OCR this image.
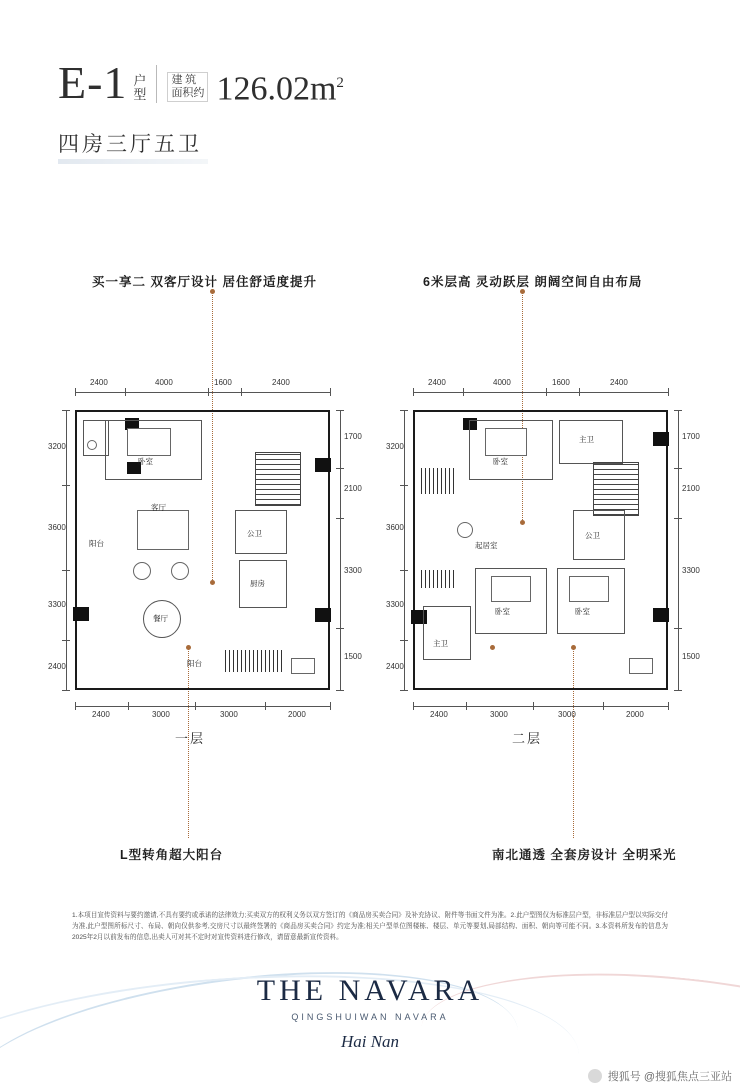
E-1 户
型
建 筑
面积约 $126.02m^2$
四房三厅五卫
买一享二 双客厅设计 居住舒适度提升	6米层高 灵动跃层 朗阔空间自由布局
L型转角超大阳台	南北通透 全套房设计 全明采光
2400	4000	1600	2400
3200
3600
3300
2400
1700
2100
3300
1500
2400	3000	3000	2000
卧室
阳台
客厅
餐厅
公卫
厨房
阳台
一层
2400	4000	1600	2400
3200
3600
3300
2400
1700
2100
3300
1500
2400	3000	3000	2000
卧室
主卫
起居室
公卫
卧室	卧室
主卫
二层
1.本项目宣传资料与要约邀请,不具有要约或承诺的法律效力;买卖双方的权利义务以双方签订的《商品房买卖合同》及补充协议、附件等书面文件为准。2.此户型图仅为标准层户型，非标准层户型以实际交付为准,此户型图所标尺寸、布局、朝向仅供参考,交房尺寸以最终签署的《商品房买卖合同》约定为准;相关户型单位图楼栋、楼层、单元等要划,局部结构、面积、朝向等可能不同。3.本资料所发布的信息为2025年2月以前发布的信息,出卖人可对其不定时对宣传资料进行修改，请留意最新宣传资料。
THE NAVARA
QINGSHUIWAN NAVARA
Hai Nan
搜狐号 @搜狐焦点三亚站
